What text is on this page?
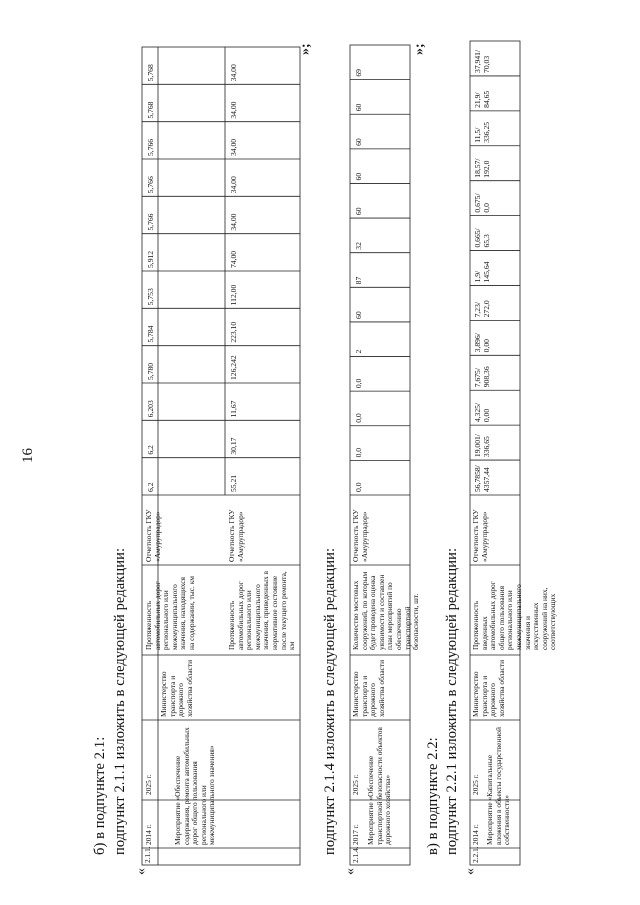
16
б) в подпункте 2.1: подпункт 2.1.1 изложить в следующей редакции:
«
»;
2.1.1.
Мероприятие «Обеспечение содержания, ремонта автомобильных дорог общего пользования регионального или межмуниципального значения»
2014 г.
2025 г.
Министерство транспорта и дорожного хозяйства области
Протяженность автомобильных дорог регионального или межмуниципального значения, находящихся на содержании, тыс. км	Протяженность автомобильных дорог регионального или межмуниципального значения, приведенных в нормативное состояние после текущего ремонта, км
Отчетность ГКУ «Амурупрадор»	Отчетность ГКУ «Амурупрадор»
6,2
6,2
6,203
5,780
5,784
5,753
5,912
5,766
5,766
5,766
5,768
5,768
55,21
30,17
11,67
126,242
223,10
112,00
74,00
34,00
34,00
34,00
34,00
34,00
подпункт 2.1.4 изложить в следующей редакции:
«
»;
2.1.4.
Мероприятие «Обеспечение транспортной безопасности объектов дорожного хозяйства»
2017 г.
2025 г.
Министерство транспорта и дорожного хозяйства области
Количество мостовых сооружений, по которым будет проведена оценка уязвимости и составлен план мероприятий по обеспечению транспортной безопасности, шт.
Отчетность ГКУ «Амурупрадор»
0,0
0,0
0,0
0,0
2
60
87
32
60
60
60
60
69
в) в подпункте 2.2: подпункт 2.2.1 изложить в следующей редакции:
«
2.2.1.
Мероприятие «Капитальные вложения в объекты государственной собственности»
2014 г.
2025 г.
Министерство транспорта и дорожного хозяйства области
Протяженность введенных автомобильных дорог общего пользования регионального или межмуниципального значения и искусственных сооружений на них, соответствующих
Отчетность ГКУ «Амурупрадор»
56,7858/ 4357,44
19,001/ 336,65
4,325/ 0,00
7,675/ 908,36
3,896/ 0,00
7,23/ 272,0
1,9/ 145,64
0,665/ 65,3
0,675/ 0,0
18,57/ 192,0
11,5/ 336,25
21,9/ 84,65
37,941/ 70,03
